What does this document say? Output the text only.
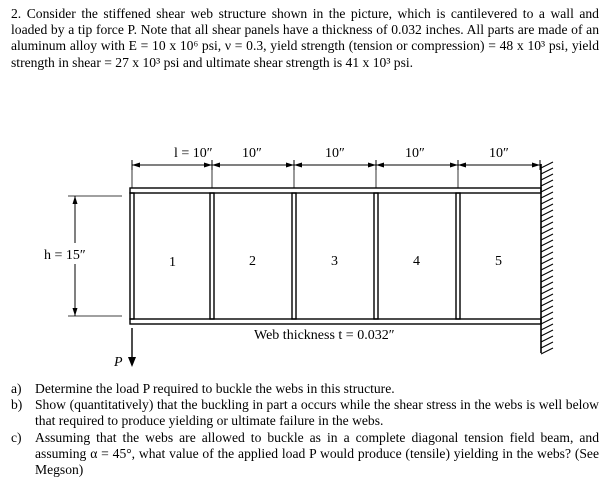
2. Consider the stiffened shear web structure shown in the picture, which is cantilevered to a wall and loaded by a tip force P. Note that all shear panels have a thickness of 0.032 inches. All parts are made of an aluminum alloy with E = 10 x 10⁶ psi, ν = 0.3, yield strength (tension or compression) = 48 x 10³ psi, yield strength in shear = 27 x 10³ psi and ultimate shear strength is 41 x 10³ psi.

l = 10″ 10″	10″	10″	10″
h = 15″	1	2	3	4	5
P
Web thickness t = 0.032″
a) Determine the load P required to buckle the webs in this structure.
b) Show (quantitatively) that the buckling in part a occurs while the shear stress in the webs is well below that required to produce yielding or ultimate failure in the webs.
c) Assuming that the webs are allowed to buckle as in a complete diagonal tension field beam, and assuming α = 45°, what value of the applied load P would produce (tensile) yielding in the webs? (See Megson)
